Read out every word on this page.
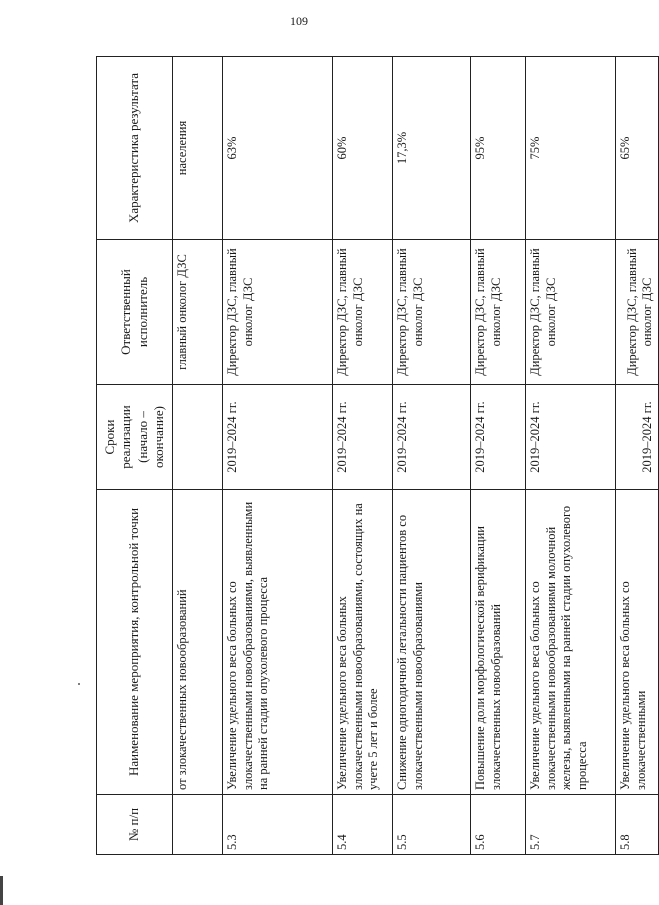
109
№ п/п	Наименование мероприятия, контрольной точки	Сроки реализации (начало – окончание)	Ответственный исполнитель	Характеристика результата
	от злокачественных новообразований		главный онколог ДЗС	населения
5.3	Увеличение удельного веса больных со злокачественными новообразованиями, выявленными на ранней стадии опухолевого процесса	2019–2024 гг.	Директор ДЗС, главный онколог ДЗС	63%
5.4	Увеличение удельного веса больных злокачественными новообразованиями, состоящих на учете 5 лет и более	2019–2024 гг.	Директор ДЗС, главный онколог ДЗС	60%
5.5	Снижение одногодичной летальности пациентов со злокачественными новообразованиями	2019–2024 гг.	Директор ДЗС, главный онколог ДЗС	17,3%
5.6	Повышение доли морфологической верификации злокачественных новообразований	2019–2024 гг.	Директор ДЗС, главный онколог ДЗС	95%
5.7	Увеличение удельного веса больных со злокачественными новообразованиями молочной железы, выявленными на ранней стадии опухолевого процесса	2019–2024 гг.	Директор ДЗС, главный онколог ДЗС	75%
5.8	Увеличение удельного веса больных со злокачественными	2019–2024 гг.	Директор ДЗС, главный онколог ДЗС	65%
